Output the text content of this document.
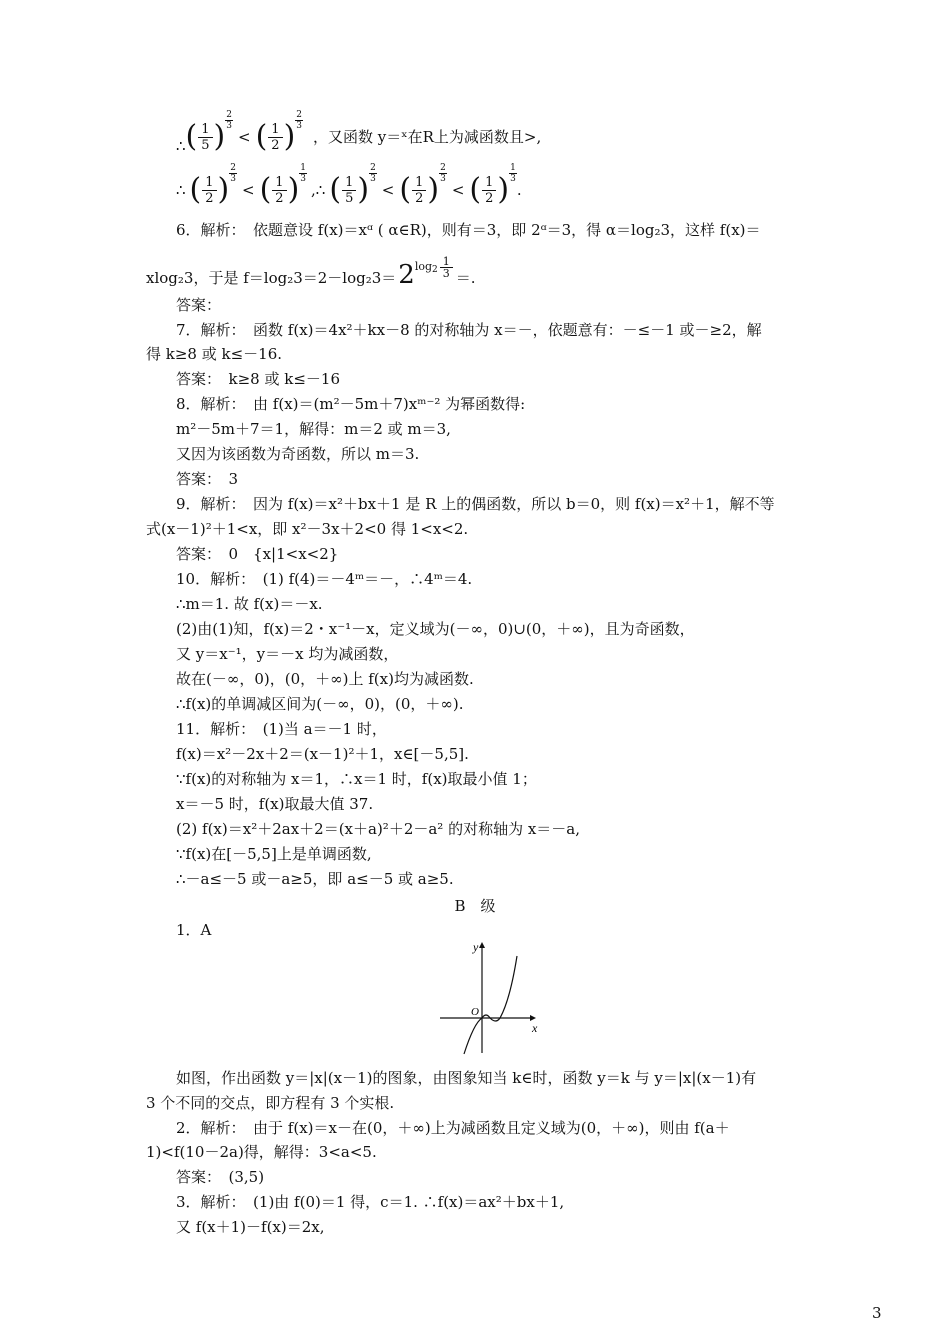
∴ ( $\frac{1}{5}$ ) $\frac{2}{3}$
< ( $\frac{1}{2}$ ) $\frac{2}{3}$
，又函数 y＝ˣ在R上为减函数且>,
∴ ( $\frac{1}{2}$ ) $\frac{2}{3}$
< ( $\frac{1}{2}$ ) $\frac{1}{3}$
,∴ ( $\frac{1}{5}$ ) $\frac{2}{3}$
< ( $\frac{1}{2}$ ) $\frac{2}{3}$
< ( $\frac{1}{2}$ ) $\frac{1}{3}$
.
6．解析：　依题意设 f(x)＝xᵅ ( α∈R)，则有＝3，即 2ᵅ＝3，得 α＝log₂3，这样 f(x)＝
xlog₂3，于是 f＝log₂3＝2－log₂3＝ 2 $\log 2 \frac{1}{3}$ ＝.
答案：
7．解析：　函数 f(x)＝4x²＋kx－8 的对称轴为 x＝－，依题意有：－≤－1 或－≥2，解
得 k≥8 或 k≤－16.
答案：　k≥8 或 k≤－16
8．解析：　由 f(x)＝(m²－5m＋7)xᵐ⁻² 为幂函数得:
m²－5m＋7＝1，解得：m＝2 或 m＝3,
又因为该函数为奇函数，所以 m＝3.
答案：　3
9．解析：　因为 f(x)＝x²＋bx＋1 是 R 上的偶函数，所以 b＝0，则 f(x)＝x²＋1，解不等
式(x－1)²＋1<x，即 x²－3x＋2<0 得 1<x<2.
答案：　0　{x|1<x<2}
10．解析：　(1) f(4)＝－4ᵐ＝－，∴4ᵐ＝4.
∴m＝1. 故 f(x)＝－x.
(2)由(1)知，f(x)＝2・x⁻¹－x，定义域为(－∞，0)∪(0，＋∞)，且为奇函数，
又 y＝x⁻¹，y＝－x 均为减函数，
故在(－∞，0)，(0，＋∞)上 f(x)均为减函数.
∴f(x)的单调减区间为(－∞，0)，(0，＋∞).
11．解析：　(1)当 a＝－1 时，
f(x)＝x²－2x＋2＝(x－1)²＋1，x∈[－5,5].
∵f(x)的对称轴为 x＝1，∴x＝1 时，f(x)取最小值 1；
x＝－5 时，f(x)取最大值 37.
(2) f(x)＝x²＋2ax＋2＝(x＋a)²＋2－a² 的对称轴为 x＝－a,
∵f(x)在[－5,5]上是单调函数,
∴－a≤－5 或－a≥5，即 a≤－5 或 a≥5.
B　级
1．A
y
x
O
如图，作出函数 y＝|x|(x－1)的图象，由图象知当 k∈时，函数 y＝k 与 y＝|x|(x－1)有
3 个不同的交点，即方程有 3 个实根.
2．解析：　由于 f(x)＝x－在(0，＋∞)上为减函数且定义域为(0，＋∞)，则由 f(a＋
1)<f(10－2a)得，解得：3<a<5.
答案：　(3,5)
3．解析：　(1)由 f(0)＝1 得，c＝1. ∴f(x)＝ax²＋bx＋1,
又 f(x＋1)－f(x)＝2x,
3
